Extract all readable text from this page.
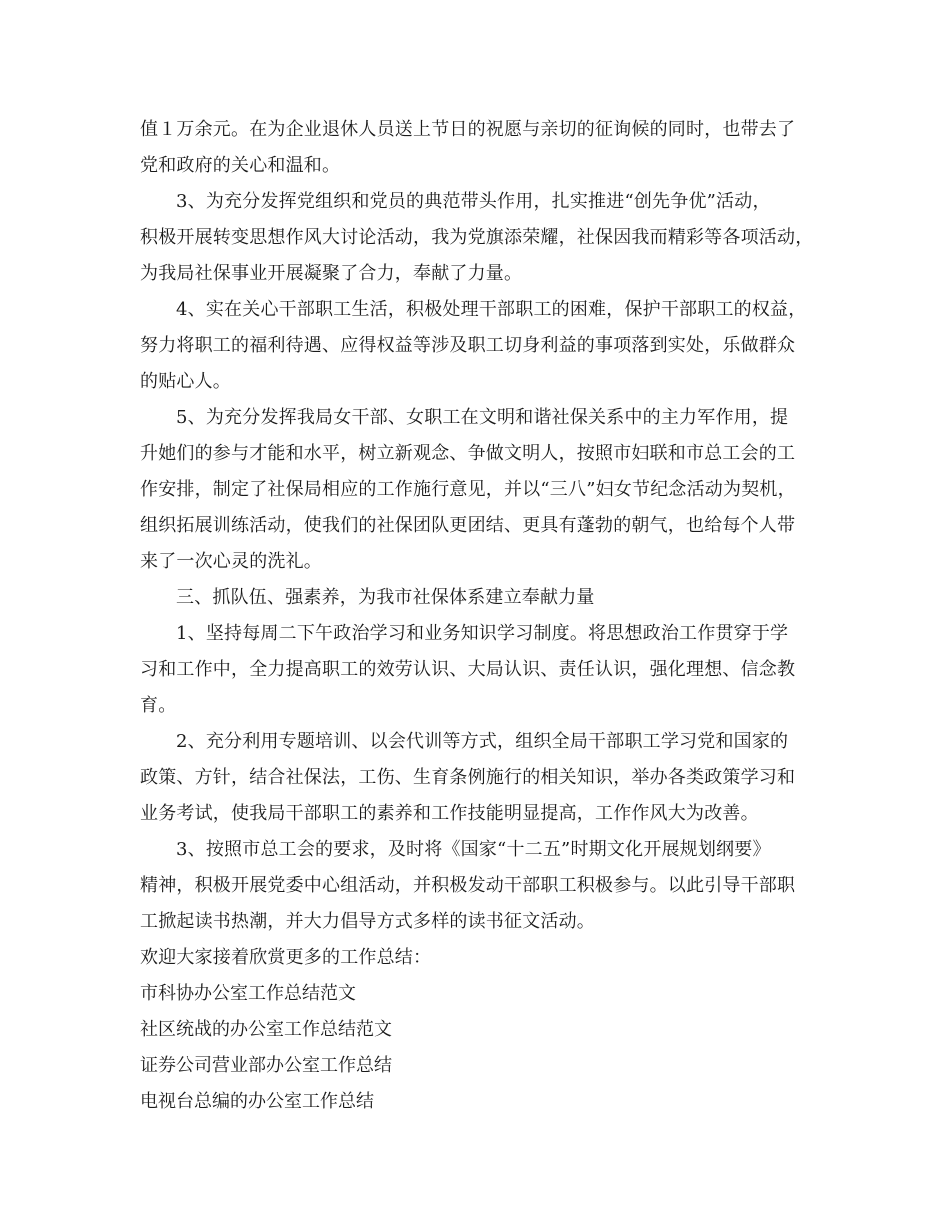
值１万余元。在为企业退休人员送上节日的祝愿与亲切的征询候的同时，也带去了
党和政府的关心和温和。
3、为充分发挥党组织和党员的典范带头作用，扎实推进“创先争优”活动，
积极开展转变思想作风大讨论活动，我为党旗添荣耀，社保因我而精彩等各项活动，
为我局社保事业开展凝聚了合力，奉献了力量。
4、实在关心干部职工生活，积极处理干部职工的困难，保护干部职工的权益，
努力将职工的福利待遇、应得权益等涉及职工切身利益的事项落到实处，乐做群众
的贴心人。
5、为充分发挥我局女干部、女职工在文明和谐社保关系中的主力军作用，提
升她们的参与才能和水平，树立新观念、争做文明人，按照市妇联和市总工会的工
作安排，制定了社保局相应的工作施行意见，并以“三八”妇女节纪念活动为契机，
组织拓展训练活动，使我们的社保团队更团结、更具有蓬勃的朝气，也给每个人带
来了一次心灵的洗礼。
三、抓队伍、强素养，为我市社保体系建立奉献力量
1、坚持每周二下午政治学习和业务知识学习制度。将思想政治工作贯穿于学
习和工作中，全力提高职工的效劳认识、大局认识、责任认识，强化理想、信念教
育。
2、充分利用专题培训、以会代训等方式，组织全局干部职工学习党和国家的
政策、方针，结合社保法，工伤、生育条例施行的相关知识，举办各类政策学习和
业务考试，使我局干部职工的素养和工作技能明显提高，工作作风大为改善。
3、按照市总工会的要求，及时将《国家“十二五”时期文化开展规划纲要》
精神，积极开展党委中心组活动，并积极发动干部职工积极参与。以此引导干部职
工掀起读书热潮，并大力倡导方式多样的读书征文活动。
欢迎大家接着欣赏更多的工作总结：
市科协办公室工作总结范文
社区统战的办公室工作总结范文
证券公司营业部办公室工作总结
电视台总编的办公室工作总结
